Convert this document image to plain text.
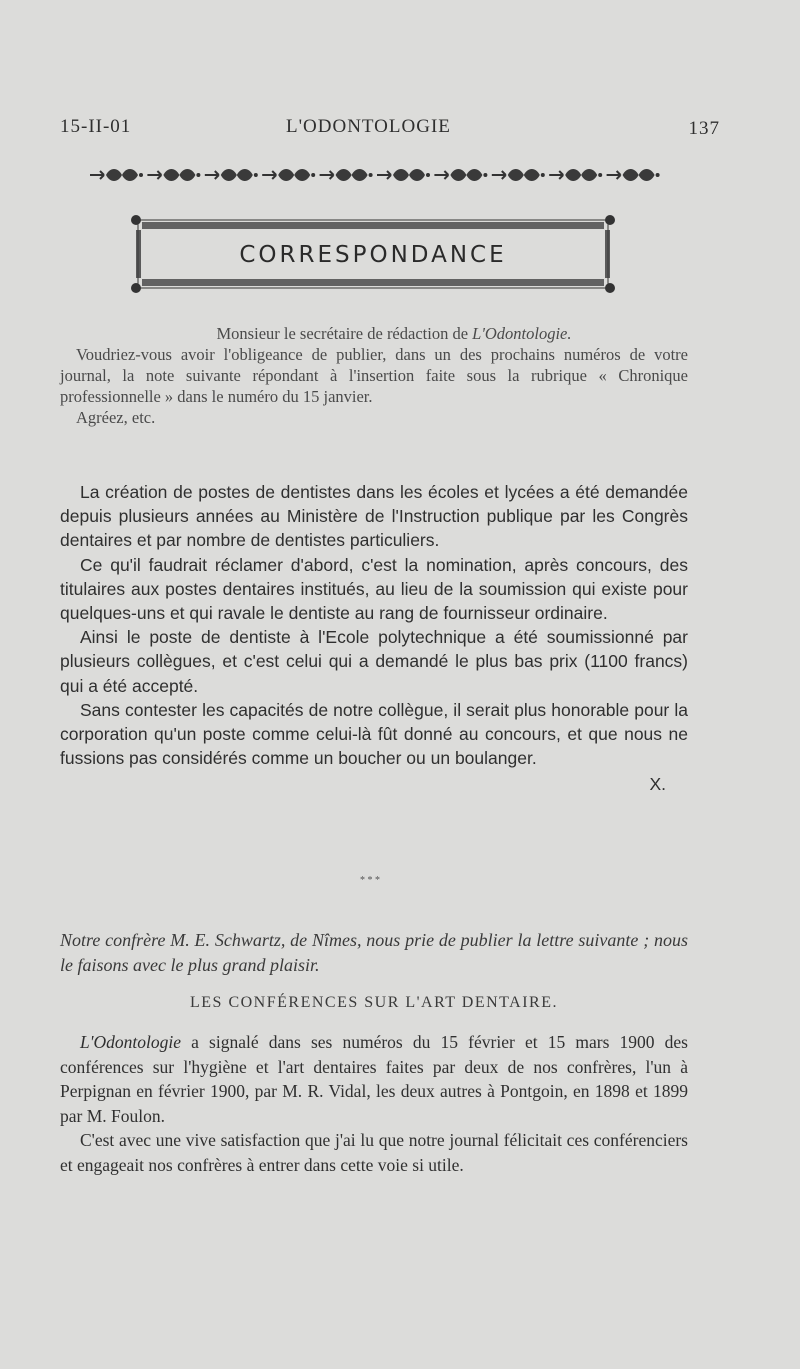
15-II-01	L'ODONTOLOGIE	137
CORRESPONDANCE

Monsieur le secrétaire de rédaction de L'Odontologie.

Voudriez-vous avoir l'obligeance de publier, dans un des prochains numéros de votre journal, la note suivante répondant à l'insertion faite sous la rubrique « Chronique professionnelle » dans le numéro du 15 janvier.

Agréez, etc.

La création de postes de dentistes dans les écoles et lycées a été demandée depuis plusieurs années au Ministère de l'Instruction publique par les Congrès dentaires et par nombre de dentistes particuliers.

Ce qu'il faudrait réclamer d'abord, c'est la nomination, après concours, des titulaires aux postes dentaires institués, au lieu de la soumission qui existe pour quelques-uns et qui ravale le dentiste au rang de fournisseur ordinaire.

Ainsi le poste de dentiste à l'Ecole polytechnique a été soumissionné par plusieurs collègues, et c'est celui qui a demandé le plus bas prix (1100 francs) qui a été accepté.

Sans contester les capacités de notre collègue, il serait plus honorable pour la corporation qu'un poste comme celui-là fût donné au concours, et que nous ne fussions pas considérés comme un boucher ou un boulanger.

X.

* * *
Notre confrère M. E. Schwartz, de Nîmes, nous prie de publier la lettre suivante ; nous le faisons avec le plus grand plaisir.
LES CONFÉRENCES SUR L'ART DENTAIRE.

L'Odontologie a signalé dans ses numéros du 15 février et 15 mars 1900 des conférences sur l'hygiène et l'art dentaires faites par deux de nos confrères, l'un à Perpignan en février 1900, par M. R. Vidal, les deux autres à Pontgoin, en 1898 et 1899 par M. Foulon.

C'est avec une vive satisfaction que j'ai lu que notre journal félicitait ces conférenciers et engageait nos confrères à entrer dans cette voie si utile.
